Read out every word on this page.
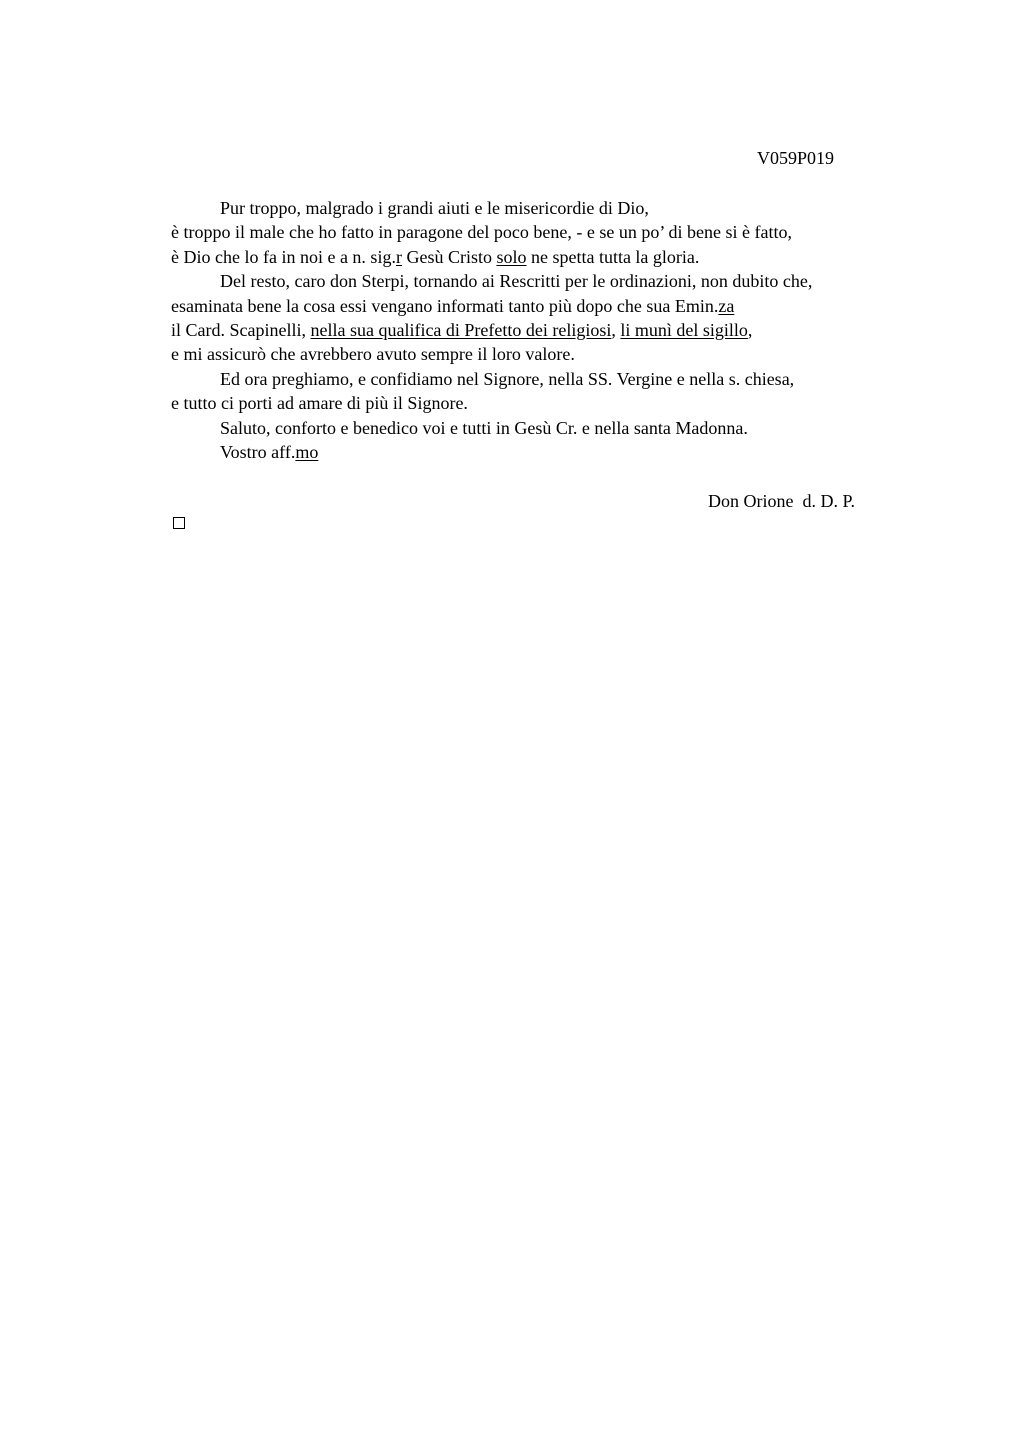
V059P019
Pur troppo, malgrado i grandi aiuti e le misericordie di Dio,
è troppo il male che ho fatto in paragone del poco bene, - e se un po’ di bene si è fatto,
è Dio che lo fa in noi e a n. sig.r Gesù Cristo solo ne spetta tutta la gloria.
Del resto, caro don Sterpi, tornando ai Rescritti per le ordinazioni, non dubito che,
esaminata bene la cosa essi vengano informati tanto più dopo che sua Emin.za
il Card. Scapinelli, nella sua qualifica di Prefetto dei religiosi, li munì del sigillo,
e mi assicurò che avrebbero avuto sempre il loro valore.
Ed ora preghiamo, e confidiamo nel Signore, nella SS. Vergine e nella s. chiesa,
e tutto ci porti ad amare di più il Signore.
Saluto, conforto e benedico voi e tutti in Gesù Cr. e nella santa Madonna.
Vostro aff.mo
Don Orione  d. D. P.
